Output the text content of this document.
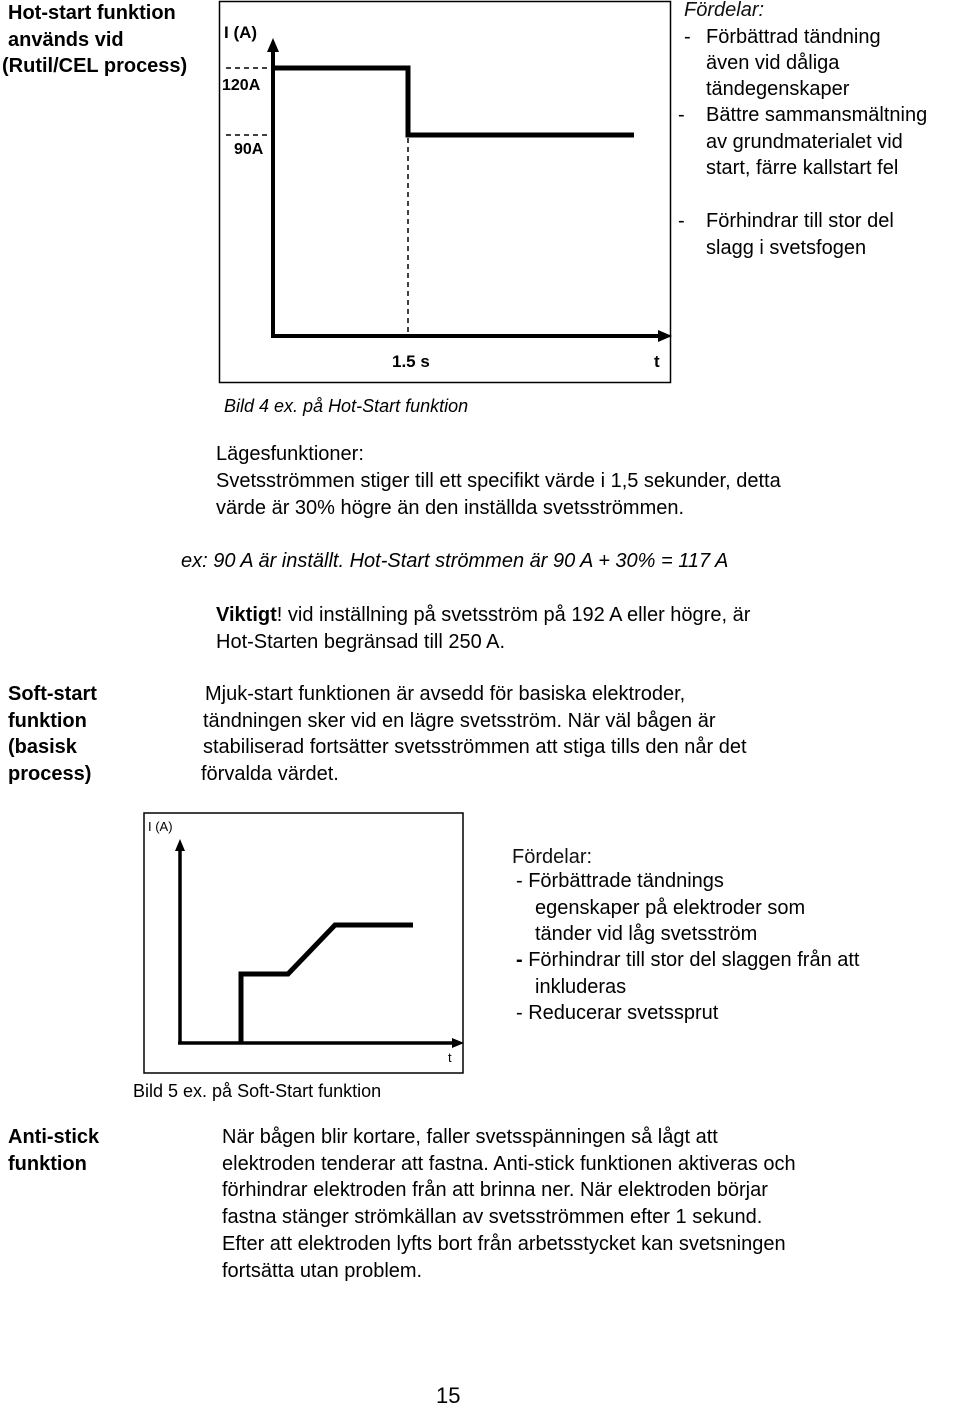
Hot-start funktion
används vid
(Rutil/CEL process)
I (A)
120A
90A
1.5 s	t
Fördelar:
- Förbättrad tändning
även vid dåliga
tändegenskaper
- Bättre sammansmältning
av grundmaterialet vid
start, färre kallstart fel
- Förhindrar till stor del
slagg i svetsfogen
Bild 4 ex. på Hot-Start funktion
Lägesfunktioner:
Svetsströmmen stiger till ett specifikt värde i 1,5 sekunder, detta
värde är 30% högre än den inställda svetsströmmen.
ex: 90 A är inställt. Hot-Start strömmen är 90 A + 30% = 117 A
Viktigt! vid inställning på svetsström på 192 A eller högre, är
Hot-Starten begränsad till 250 A.
Soft-start
funktion
(basisk
process)
Mjuk-start funktionen är avsedd för basiska elektroder,
tändningen sker vid en lägre svetsström. När väl bågen är
stabiliserad fortsätter svetsströmmen att stiga tills den når det
förvalda värdet.
I (A)
t
Bild 5 ex. på Soft-Start funktion
Fördelar:
- Förbättrade tändnings
egenskaper på elektroder som
tänder vid låg svetsström
- Förhindrar till stor del slaggen från att
inkluderas
- Reducerar svetssprut
Anti-stick
funktion
När bågen blir kortare, faller svetsspänningen så lågt att
elektroden tenderar att fastna. Anti-stick funktionen aktiveras och
förhindrar elektroden från att brinna ner. När elektroden börjar
fastna stänger strömkällan av svetsströmmen efter 1 sekund.
Efter att elektroden lyfts bort från arbetsstycket kan svetsningen
fortsätta utan problem.
15
